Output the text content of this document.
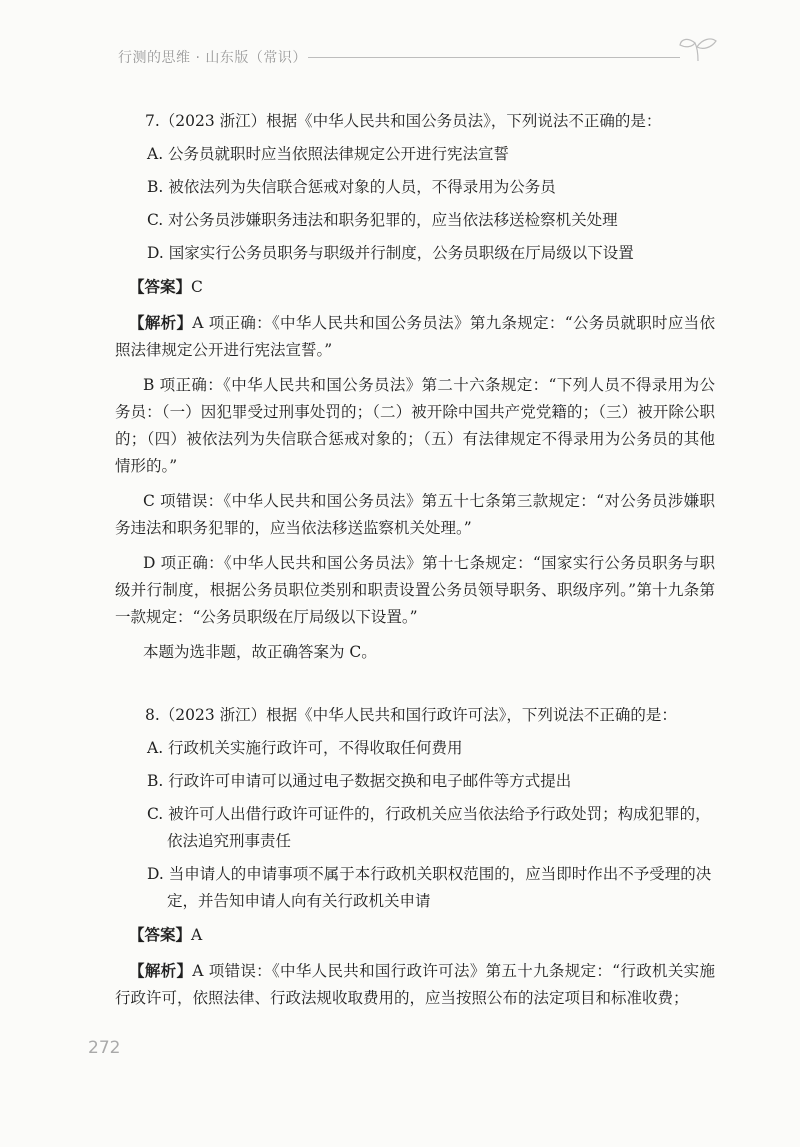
行测的思维 · 山东版（常识）

7.（2023 浙江）根据《中华人民共和国公务员法》，下列说法不正确的是：

A. 公务员就职时应当依照法律规定公开进行宪法宣誓

B. 被依法列为失信联合惩戒对象的人员，不得录用为公务员

C. 对公务员涉嫌职务违法和职务犯罪的，应当依法移送检察机关处理

D. 国家实行公务员职务与职级并行制度，公务员职级在厅局级以下设置

【答案】C

【解析】A 项正确：《中华人民共和国公务员法》第九条规定：“公务员就职时应当依照法律规定公开进行宪法宣誓。”

B 项正确：《中华人民共和国公务员法》第二十六条规定：“下列人员不得录用为公务员：（一）因犯罪受过刑事处罚的；（二）被开除中国共产党党籍的；（三）被开除公职的；（四）被依法列为失信联合惩戒对象的；（五）有法律规定不得录用为公务员的其他情形的。”

C 项错误：《中华人民共和国公务员法》第五十七条第三款规定：“对公务员涉嫌职务违法和职务犯罪的，应当依法移送监察机关处理。”

D 项正确：《中华人民共和国公务员法》第十七条规定：“国家实行公务员职务与职级并行制度，根据公务员职位类别和职责设置公务员领导职务、职级序列。”第十九条第一款规定：“公务员职级在厅局级以下设置。”

本题为选非题，故正确答案为 C。

8.（2023 浙江）根据《中华人民共和国行政许可法》，下列说法不正确的是：

A. 行政机关实施行政许可，不得收取任何费用

B. 行政许可申请可以通过电子数据交换和电子邮件等方式提出

C. 被许可人出借行政许可证件的，行政机关应当依法给予行政处罚；构成犯罪的，依法追究刑事责任

D. 当申请人的申请事项不属于本行政机关职权范围的，应当即时作出不予受理的决定，并告知申请人向有关行政机关申请

【答案】A

【解析】A 项错误：《中华人民共和国行政许可法》第五十九条规定：“行政机关实施行政许可，依照法律、行政法规收取费用的，应当按照公布的法定项目和标准收费；

272
